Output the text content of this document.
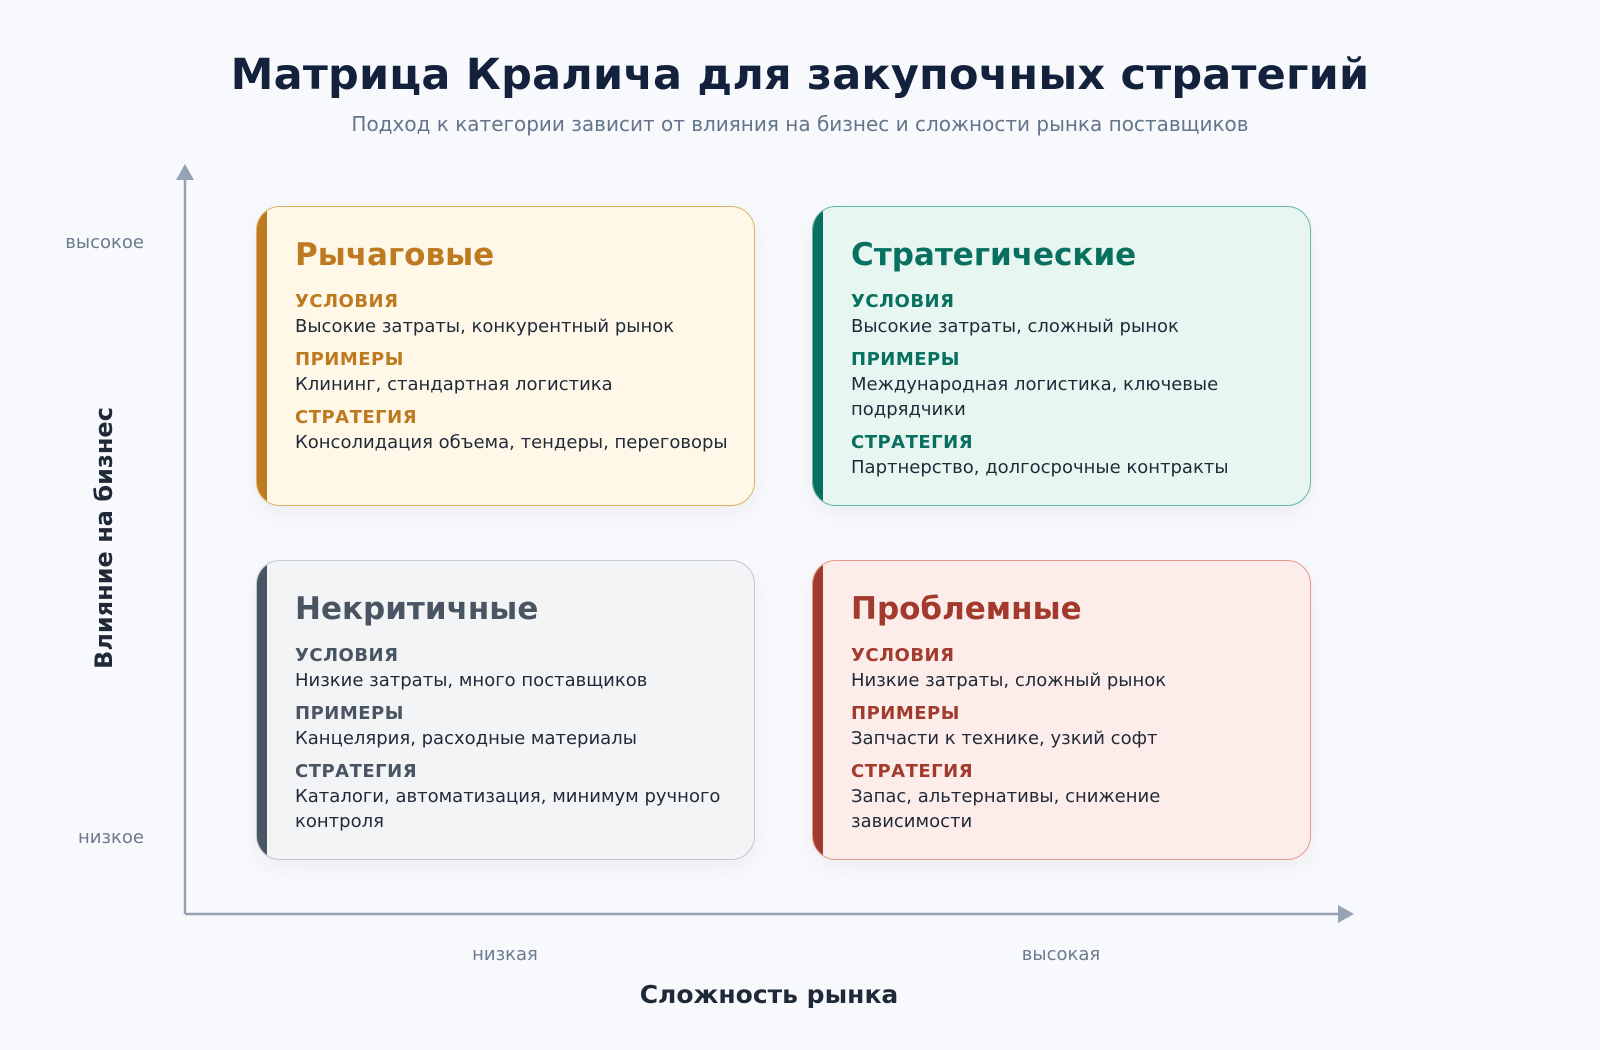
Матрица Кралича для закупочных стратегий
Подход к категории зависит от влияния на бизнес и сложности рынка поставщиков
Влияние на бизнес
Сложность рынка
высокое
низкое
низкая	высокая
Рычаговые
УСЛОВИЯ
Высокие затраты, конкурентный рынок
ПРИМЕРЫ
Клининг, стандартная логистика
СТРАТЕГИЯ
Консолидация объема, тендеры, переговоры
Стратегические
УСЛОВИЯ
Высокие затраты, сложный рынок
ПРИМЕРЫ
Международная логистика, ключевые подрядчики
СТРАТЕГИЯ
Партнерство, долгосрочные контракты
Некритичные
УСЛОВИЯ
Низкие затраты, много поставщиков
ПРИМЕРЫ
Канцелярия, расходные материалы
СТРАТЕГИЯ
Каталоги, автоматизация, минимум ручного контроля
Проблемные
УСЛОВИЯ
Низкие затраты, сложный рынок
ПРИМЕРЫ
Запчасти к технике, узкий софт
СТРАТЕГИЯ
Запас, альтернативы, снижение зависимости
